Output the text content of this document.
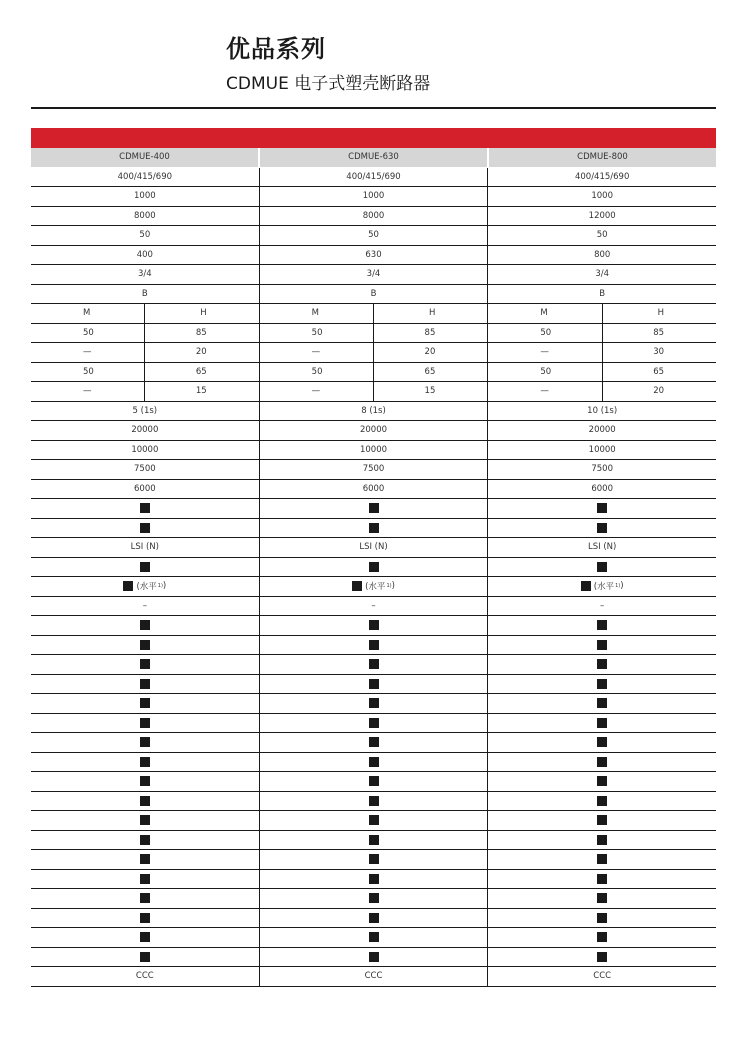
优品系列
CDMUE 电子式塑壳断路器
CDMUE-400	CDMUE-630	CDMUE-800
400/415/690	400/415/690	400/415/690
1000	1000	1000
8000	8000	12000
50	50	50
400	630	800
3/4	3/4	3/4
B	B	B
M	H	M	H	M	H
50	85	50	85	50	85
—	20	—	20	—	30
50	65	50	65	50	65
—	15	—	15	—	20
5 (1s)	8 (1s)	10 (1s)
20000	20000	20000
10000	10000	10000
7500	7500	7500
6000	6000	6000
LSI (N)	LSI (N)	LSI (N)
(水平 1) )	(水平 1) )	(水平 1) )
–	–	–
CCC	CCC	CCC
